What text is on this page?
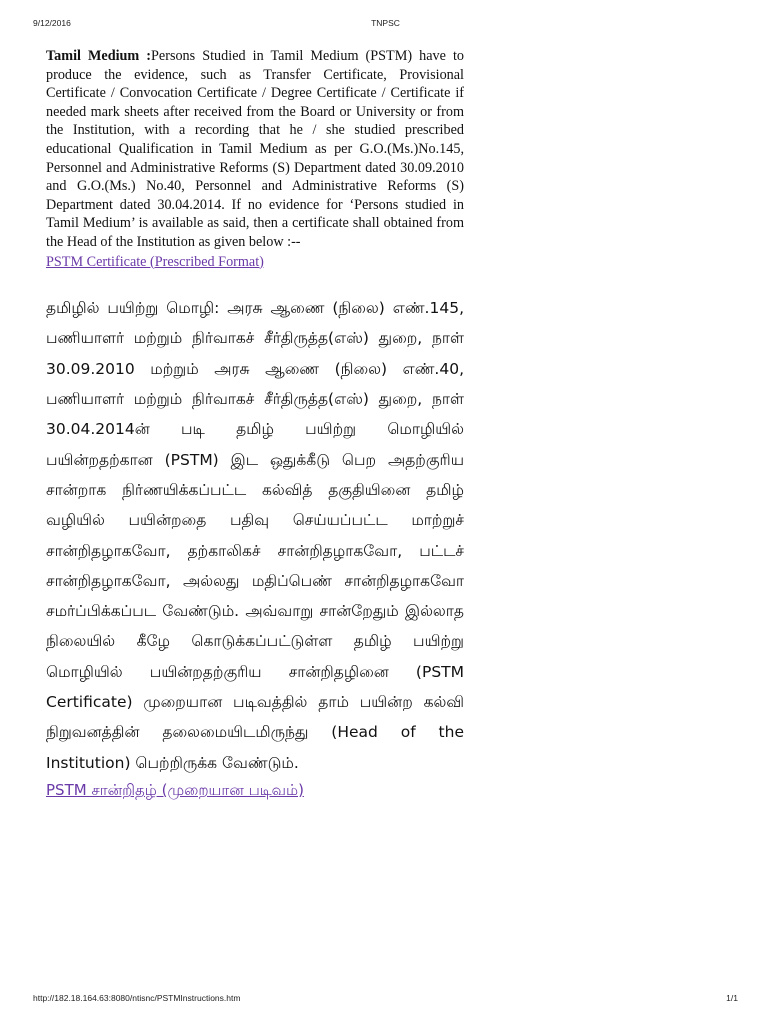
9/12/2016	TNPSC

Tamil Medium :Persons Studied in Tamil Medium (PSTM) have to produce the evidence, such as Transfer Certificate, Provisional Certificate / Convocation Certificate / Degree Certificate / Certificate if needed mark sheets after received from the Board or University or from the Institution, with a recording that he / she studied prescribed educational Qualification in Tamil Medium as per G.O.(Ms.)No.145, Personnel and Administrative Reforms (S) Department dated 30.09.2010 and G.O.(Ms.) No.40, Personnel and Administrative Reforms (S) Department dated 30.04.2014. If no evidence for ‘Persons studied in Tamil Medium’ is available as said, then a certificate shall obtained from the Head of the Institution as given below :--

PSTM Certificate (Prescribed Format)

தமிழில் பயிற்று மொழி: அரசு ஆணை (நிலை) எண்.145, பணியாளர் மற்றும் நிர்வாகச் சீர்திருத்த(எஸ்) துறை, நாள் 30.09.2010 மற்றும் அரசு ஆணை (நிலை) எண்.40, பணியாளர் மற்றும் நிர்வாகச் சீர்திருத்த(எஸ்) துறை, நாள் 30.04.2014ன் படி தமிழ் பயிற்று மொழியில் பயின்றதற்கான (PSTM) இட ஒதுக்கீடு பெற அதற்குரிய சான்றாக நிர்ணயிக்கப்பட்ட கல்வித் தகுதியினை தமிழ் வழியில் பயின்றதை பதிவு செய்யப்பட்ட மாற்றுச் சான்றிதழாகவோ, தற்காலிகச் சான்றிதழாகவோ, பட்டச் சான்றிதழாகவோ, அல்லது மதிப்பெண் சான்றிதழாகவோ சமர்ப்பிக்கப்பட வேண்டும். அவ்வாறு சான்றேதும் இல்லாத நிலையில் கீழே கொடுக்கப்பட்டுள்ள தமிழ் பயிற்று மொழியில் பயின்றதற்குரிய சான்றிதழினை (PSTM Certificate) முறையான படிவத்தில் தாம் பயின்ற கல்வி நிறுவனத்தின் தலைமையிடமிருந்து (Head of the Institution) பெற்றிருக்க வேண்டும்.

PSTM சான்றிதழ் (முறையான படிவம்)
http://182.18.164.63:8080/ntisnc/PSTMInstructions.htm	1/1
